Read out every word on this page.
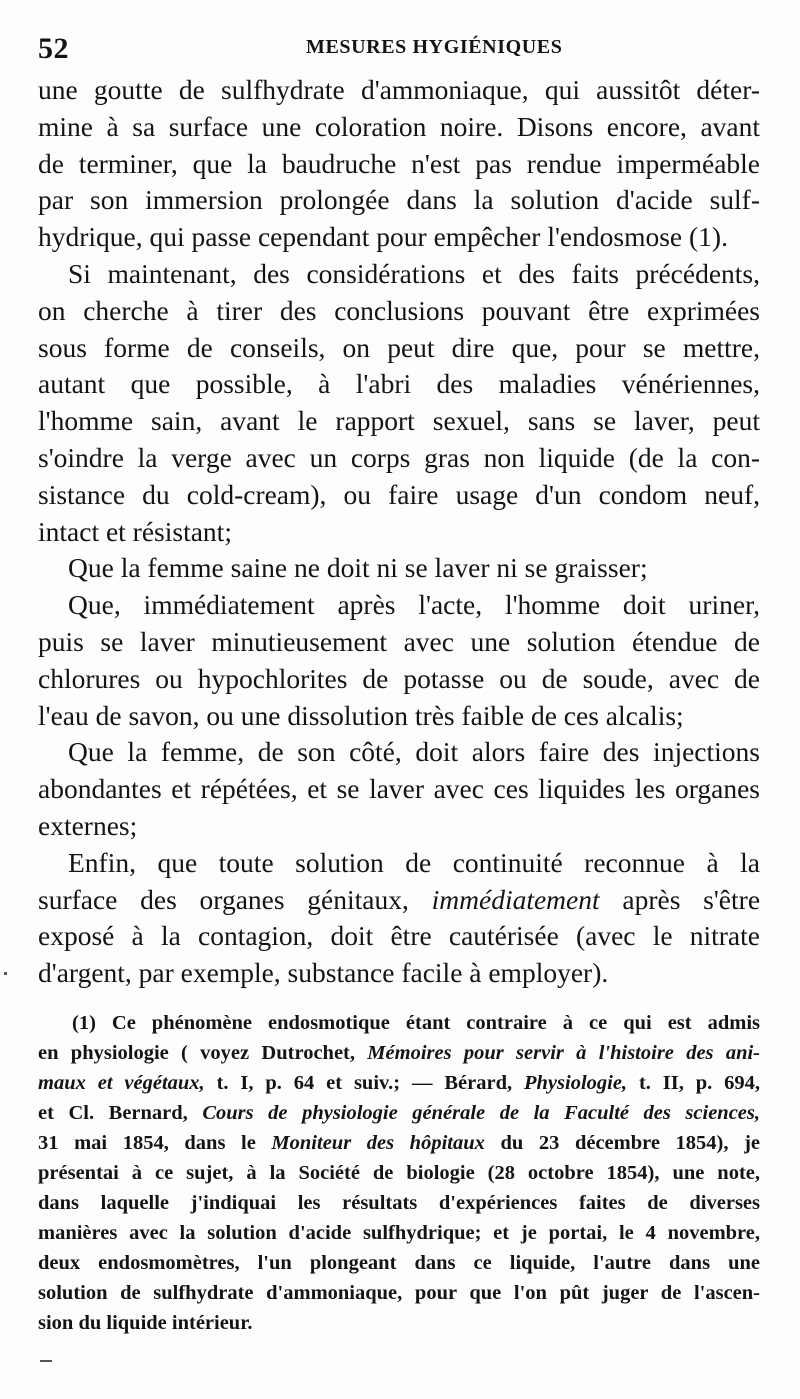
52	MESURES HYGIÉNIQUES
une goutte de sulfhydrate d'ammoniaque, qui aussitôt déter-
mine à sa surface une coloration noire. Disons encore, avant
de terminer, que la baudruche n'est pas rendue imperméable
par son immersion prolongée dans la solution d'acide sulf-
hydrique, qui passe cependant pour empêcher l'endosmose (1).
Si maintenant, des considérations et des faits précédents,
on cherche à tirer des conclusions pouvant être exprimées
sous forme de conseils, on peut dire que, pour se mettre,
autant que possible, à l'abri des maladies vénériennes,
l'homme sain, avant le rapport sexuel, sans se laver, peut
s'oindre la verge avec un corps gras non liquide (de la con-
sistance du cold-cream), ou faire usage d'un condom neuf,
intact et résistant;
Que la femme saine ne doit ni se laver ni se graisser;
Que, immédiatement après l'acte, l'homme doit uriner,
puis se laver minutieusement avec une solution étendue de
chlorures ou hypochlorites de potasse ou de soude, avec de
l'eau de savon, ou une dissolution très faible de ces alcalis;
Que la femme, de son côté, doit alors faire des injections
abondantes et répétées, et se laver avec ces liquides les organes
externes;
Enfin, que toute solution de continuité reconnue à la
surface des organes génitaux, immédiatement après s'être
exposé à la contagion, doit être cautérisée (avec le nitrate
d'argent, par exemple, substance facile à employer).
(1) Ce phénomène endosmotique étant contraire à ce qui est admis
en physiologie ( voyez Dutrochet, Mémoires pour servir à l'histoire des ani-
maux et végétaux, t. I, p. 64 et suiv.; — Bérard, Physiologie, t. II, p. 694,
et Cl. Bernard, Cours de physiologie générale de la Faculté des sciences,
31 mai 1854, dans le Moniteur des hôpitaux du 23 décembre 1854), je
présentai à ce sujet, à la Société de biologie (28 octobre 1854), une note,
dans laquelle j'indiquai les résultats d'expériences faites de diverses
manières avec la solution d'acide sulfhydrique; et je portai, le 4 novembre,
deux endosmomètres, l'un plongeant dans ce liquide, l'autre dans une
solution de sulfhydrate d'ammoniaque, pour que l'on pût juger de l'ascen-
sion du liquide intérieur.
